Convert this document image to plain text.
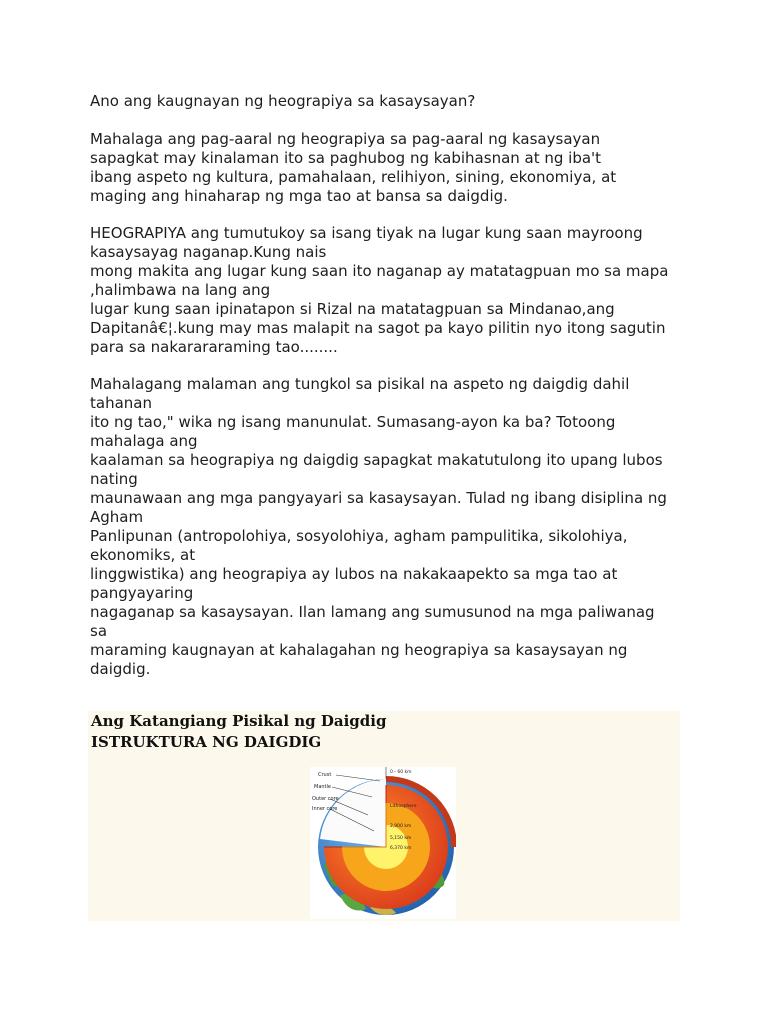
Ano ang kaugnayan ng heograpiya sa kasaysayan?

Mahalaga ang pag-aaral ng heograpiya sa pag-aaral ng kasaysayan
sapagkat may kinalaman ito sa paghubog ng kabihasnan at ng iba't
ibang aspeto ng kultura, pamahalaan, relihiyon, sining, ekonomiya, at
maging ang hinaharap ng mga tao at bansa sa daigdig.

HEOGRAPIYA ang tumutukoy sa isang tiyak na lugar kung saan mayroong
kasaysayag naganap.Kung nais
mong makita ang lugar kung saan ito naganap ay matatagpuan mo sa mapa
,halimbawa na lang ang
lugar kung saan ipinatapon si Rizal na matatagpuan sa Mindanao,ang
Dapitanâ€¦.kung may mas malapit na sagot pa kayo pilitin nyo itong sagutin
para sa nakarararaming tao........

Mahalagang malaman ang tungkol sa pisikal na aspeto ng daigdig dahil
tahanan
ito ng tao," wika ng isang manunulat. Sumasang-ayon ka ba? Totoong
mahalaga ang
kaalaman sa heograpiya ng daigdig sapagkat makatutulong ito upang lubos
nating
maunawaan ang mga pangyayari sa kasaysayan. Tulad ng ibang disiplina ng
Agham
Panlipunan (antropolohiya, sosyolohiya, agham pampulitika, sikolohiya,
ekonomiks, at
linggwistika) ang heograpiya ay lubos na nakakaapekto sa mga tao at
pangyayaring
nagaganap sa kasaysayan. Ilan lamang ang sumusunod na mga paliwanag
sa
maraming kaugnayan at kahalagahan ng heograpiya sa kasaysayan ng
daigdig.

Ang Katangiang Pisikal ng Daigdig
ISTRUKTURA NG DAIGDIG
Crust
Mantle
Outer core
Inner core
0 - 60 km
Lithosphere
2,900 km
5,150 km
6,370 km
